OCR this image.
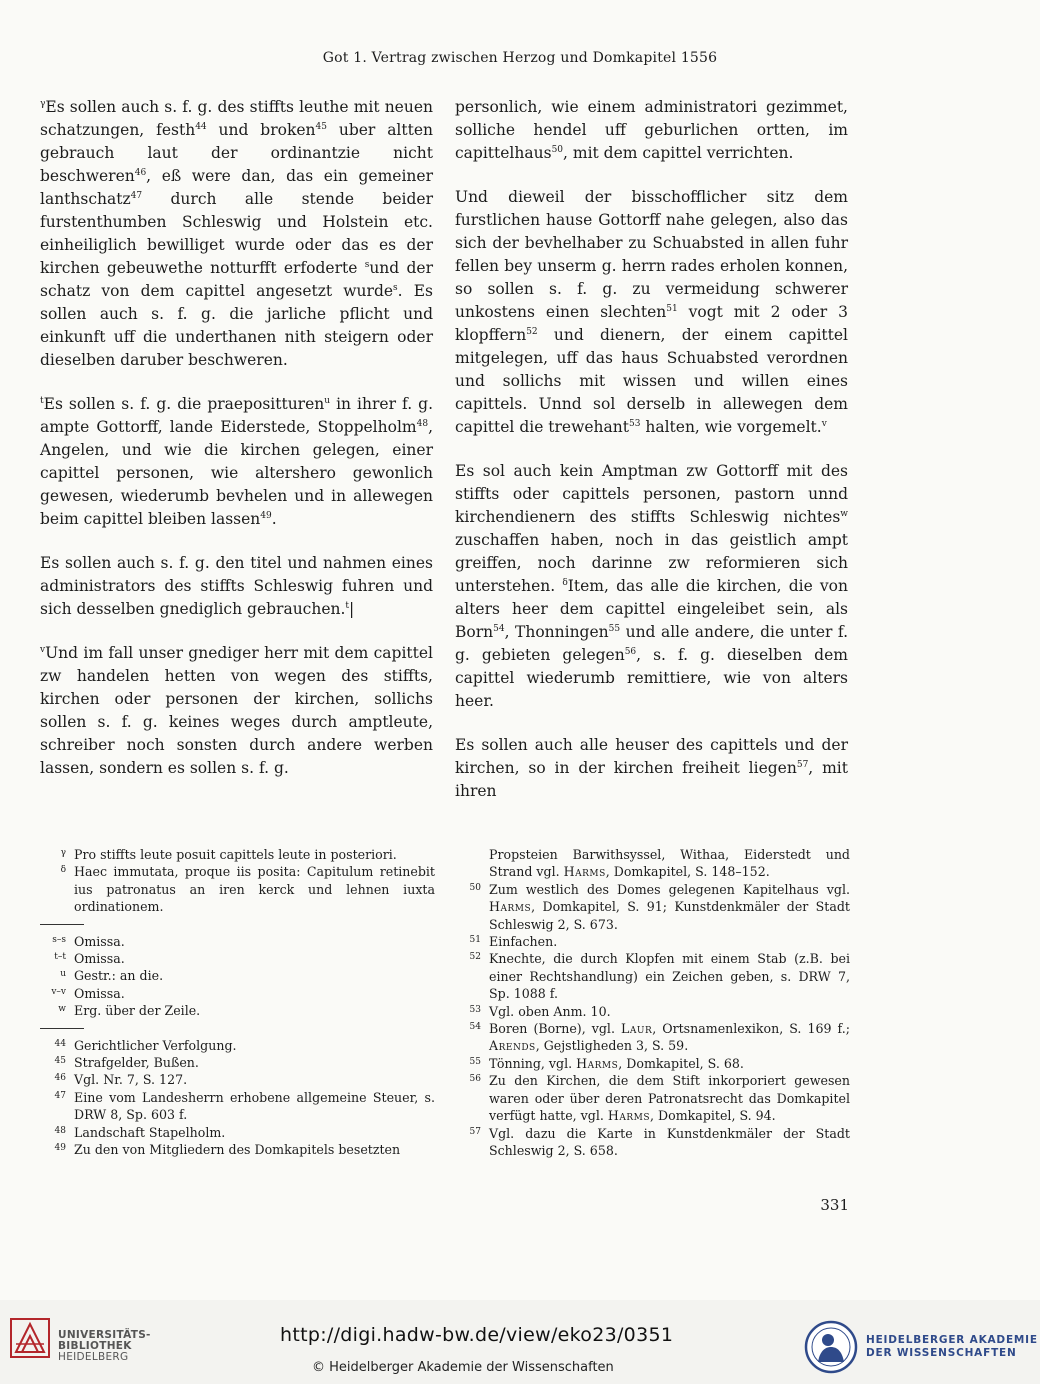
Got 1. Vertrag zwischen Herzog und Domkapitel 1556

$^\gamma$Es sollen auch s. f. g. des stiffts leuthe mit neuen schatzungen, festh$^{44}$ und broken$^{45}$ uber altten gebrauch laut der ordinantzie nicht beschweren$^{46}$, eß were dan, das ein gemeiner lanthschatz$^{47}$ durch alle stende beider furstenthumben Schleswig und Holstein etc. einheiliglich bewilliget wurde oder das es der kirchen gebeuwethe notturfft erfoderte $^s$und der schatz von dem capittel angesetzt wurde$^s$. Es sollen auch s. f. g. die jarliche pflicht und einkunft uff die underthanen nith steigern oder dieselben daruber beschweren.

$^t$Es sollen s. f. g. die praepositturen$^u$ in ihrer f. g. ampte Gottorff, lande Eiderstede, Stoppelholm$^{48}$, Angelen, und wie die kirchen gelegen, einer capittel personen, wie altershero gewonlich gewesen, wiederumb bevhelen und in allewegen beim capittel bleiben lassen$^{49}$.

Es sollen auch s. f. g. den titel und nahmen eines administrators des stiffts Schleswig fuhren und sich desselben gnediglich gebrauchen.$^t$|

$^v$Und im fall unser gnediger herr mit dem capittel zw handelen hetten von wegen des stiffts, kirchen oder personen der kirchen, sollichs sollen s. f. g. keines weges durch amptleute, schreiber noch sonsten durch andere werben lassen, sondern es sollen s. f. g.

personlich, wie einem administratori gezimmet, solliche hendel uff geburlichen ortten, im capittelhaus$^{50}$, mit dem capittel verrichten.

Und dieweil der bisschofflicher sitz dem furstlichen hause Gottorff nahe gelegen, also das sich der bevhelhaber zu Schuabsted in allen fuhr fellen bey unserm g. herrn rades erholen konnen, so sollen s. f. g. zu vermeidung schwerer unkostens einen slechten$^{51}$ vogt mit 2 oder 3 klopffern$^{52}$ und dienern, der einem capittel mitgelegen, uff das haus Schuabsted verordnen und sollichs mit wissen und willen eines capittels. Unnd sol derselb in allewegen dem capittel die trewehant$^{53}$ halten, wie vorgemelt.$^v$

Es sol auch kein Amptman zw Gottorff mit des stiffts oder capittels personen, pastorn unnd kirchendienern des stiffts Schleswig nichtes$^w$ zuschaffen haben, noch in das geistlich ampt greiffen, noch darinne zw reformieren sich unterstehen. $^\delta$Item, das alle die kirchen, die von alters heer dem capittel eingeleibet sein, als Born$^{54}$, Thonningen$^{55}$ und alle andere, die unter f. g. gebieten gelegen$^{56}$, s. f. g. dieselben dem capittel wiederumb remittiere, wie von alters heer.

Es sollen auch alle heuser des capittels und der kirchen, so in der kirchen freiheit liegen$^{57}$, mit ihren

γ Pro stiffts leute posuit capittels leute in posteriori.
δ Haec immutata, proque iis posita: Capitulum retinebit ius patronatus an iren kerck und lehnen iuxta ordinationem.
s–s Omissa.
t–t Omissa.
u Gestr.: an die.
v–v Omissa.
w Erg. über der Zeile.
44 Gerichtlicher Verfolgung.
45 Strafgelder, Bußen.
46 Vgl. Nr. 7, S. 127.
47 Eine vom Landesherrn erhobene allgemeine Steuer, s. DRW 8, Sp. 603 f.
48 Landschaft Stapelholm.
49 Zu den von Mitgliedern des Domkapitels besetzten
Propsteien Barwithsyssel, Withaa, Eiderstedt und Strand vgl. Harms, Domkapitel, S. 148–152.
50 Zum westlich des Domes gelegenen Kapitelhaus vgl. Harms, Domkapitel, S. 91; Kunstdenkmäler der Stadt Schleswig 2, S. 673.
51 Einfachen.
52 Knechte, die durch Klopfen mit einem Stab (z.B. bei einer Rechtshandlung) ein Zeichen geben, s. DRW 7, Sp. 1088 f.
53 Vgl. oben Anm. 10.
54 Boren (Borne), vgl. Laur, Ortsnamenlexikon, S. 169 f.; Arends, Gejstligheden 3, S. 59.
55 Tönning, vgl. Harms, Domkapitel, S. 68.
56 Zu den Kirchen, die dem Stift inkorporiert gewesen waren oder über deren Patronatsrecht das Domkapitel verfügt hatte, vgl. Harms, Domkapitel, S. 94.
57 Vgl. dazu die Karte in Kunstdenkmäler der Stadt Schleswig 2, S. 658.
331
UNIVERSITÄTS-
BIBLIOTHEK
HEIDELBERG
http://digi.hadw-bw.de/view/eko23/0351
© Heidelberger Akademie der Wissenschaften
HEIDELBERGER AKADEMIE
DER WISSENSCHAFTEN
